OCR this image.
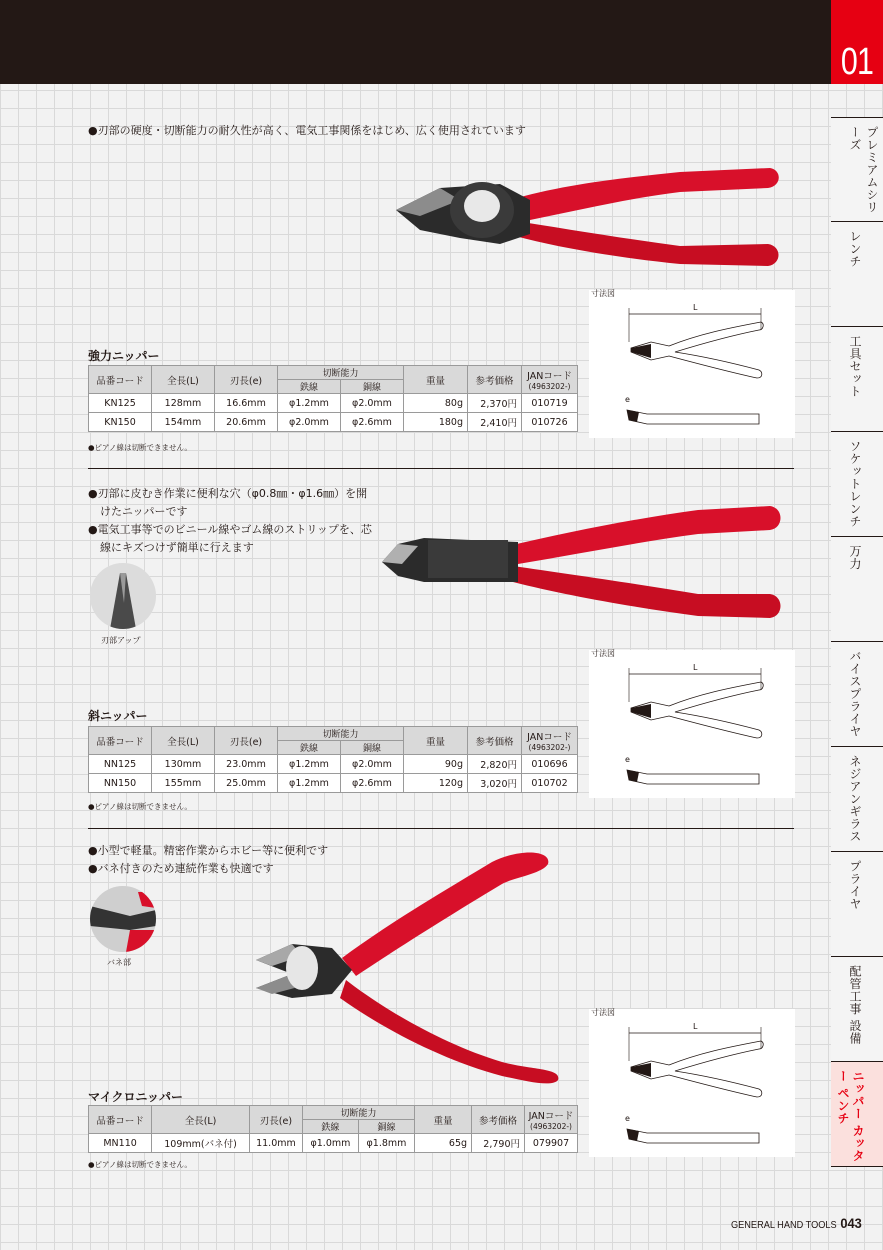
01
プレミアムシリーズ
レンチ
工具セット
ソケットレンチ
万力
バイスプライヤ
ネジアンギラス
プライヤ
配管工事 設備
ニッパー カッター ペンチ

●刃部の硬度・切断能力の耐久性が高く、電気工事関係をはじめ、広く使用されています

強力ニッパー
品番コード	全長(L)	刃長(e)	切断能力		重量	参考価格	JANコード
(4963202-)

			鉄線	銅線			
KN125	128mm	16.6mm	φ1.2mm	φ2.0mm	80g	2,370円	010719
KN150	154mm	20.6mm	φ2.0mm	φ2.6mm	180g	2,410円	010726
●ピアノ線は切断できません。
寸法図
L
e

●刃部に皮むき作業に便利な穴（φ0.8㎜・φ1.6㎜）を開けたニッパーです

●電気工事等でのビニール線やゴム線のストリップを、芯線にキズつけず簡単に行えます

刃部アップ
斜ニッパー
品番コード	全長(L)	刃長(e)	切断能力		重量	参考価格	JANコード
(4963202-)

			鉄線	銅線			
NN125	130mm	23.0mm	φ1.2mm	φ2.0mm	90g	2,820円	010696
NN150	155mm	25.0mm	φ1.2mm	φ2.6mm	120g	3,020円	010702
●ピアノ線は切断できません。
寸法図
L
e

●小型で軽量。精密作業からホビー等に便利です

●バネ付きのため連続作業も快適です

バネ部
マイクロニッパー
品番コード	全長(L)	刃長(e)	切断能力		重量	参考価格	JANコード
(4963202-)

			鉄線	銅線			
MN110	109mm(バネ付)	11.0mm	φ1.0mm	φ1.8mm	65g	2,790円	079907
●ピアノ線は切断できません。
寸法図
L
e
GENERAL HAND TOOLS 043
